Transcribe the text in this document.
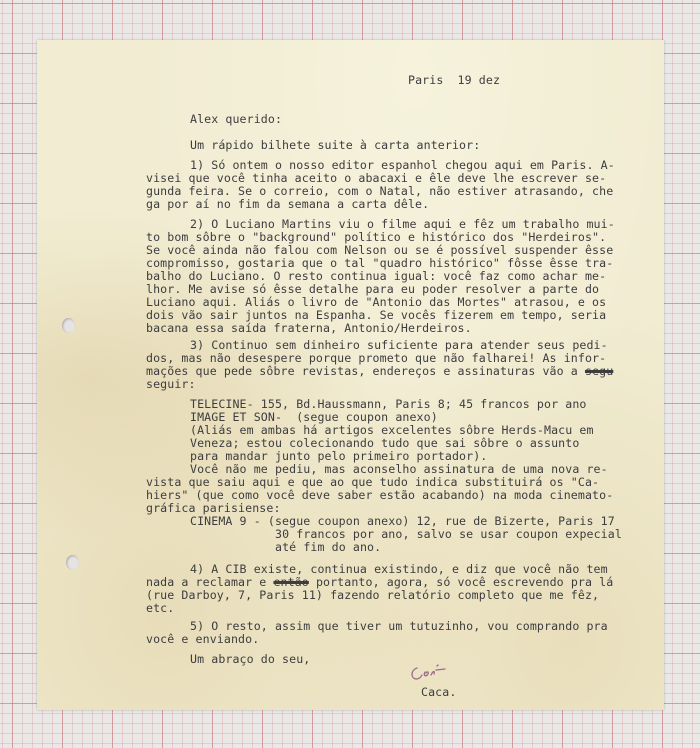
Paris  19 dez
Alex querido:
Um rápido bilhete suite à carta anterior:
1) Só ontem o nosso editor espanhol chegou aqui em Paris. A-
visei que você tinha aceito o abacaxi e êle deve lhe escrever se-
gunda feira. Se o correio, com o Natal, não estiver atrasando, che
ga por aí no fim da semana a carta dêle.
2) O Luciano Martins viu o filme aqui e fêz um trabalho mui-
to bom sôbre o "background" político e histórico dos "Herdeiros".
Se você ainda não falou com Nelson ou se é possível suspender êsse
compromisso, gostaria que o tal "quadro histórico" fôsse êsse tra-
balho do Luciano. O resto continua igual: você faz como achar me-
lhor. Me avise só êsse detalhe para eu poder resolver a parte do
Luciano aqui. Aliás o livro de "Antonio das Mortes" atrasou, e os
dois vão sair juntos na Espanha. Se vocês fizerem em tempo, seria
bacana essa saída fraterna, Antonio/Herdeiros.
3) Continuo sem dinheiro suficiente para atender seus pedi-
dos, mas não desespere porque prometo que não falharei! As infor-
mações que pede sôbre revistas, endereços e assinaturas vão a segu
seguir:
TELECINE- 155, Bd.Haussmann, Paris 8; 45 francos por ano
IMAGE ET SON-  (segue coupon anexo)
(Aliás em ambas há artigos excelentes sôbre Herds-Macu em
Veneza; estou colecionando tudo que sai sôbre o assunto
para mandar junto pelo primeiro portador).
Você não me pediu, mas aconselho assinatura de uma nova re-
vista que saiu aqui e que ao que tudo indica substituirá os "Ca-
hiers" (que como você deve saber estão acabando) na moda cinemato-
gráfica parisiense:
CINEMA 9 - (segue coupon anexo) 12, rue de Bizerte, Paris 17
30 francos por ano, salvo se usar coupon expecial
até fim do ano.
4) A CIB existe, continua existindo, e diz que você não tem
nada a reclamar e então portanto, agora, só você escrevendo pra lá
(rue Darboy, 7, Paris 11) fazendo relatório completo que me fêz,
etc.
5) O resto, assim que tiver um tutuzinho, vou comprando pra
você e enviando.
Um abraço do seu,
Caca.
